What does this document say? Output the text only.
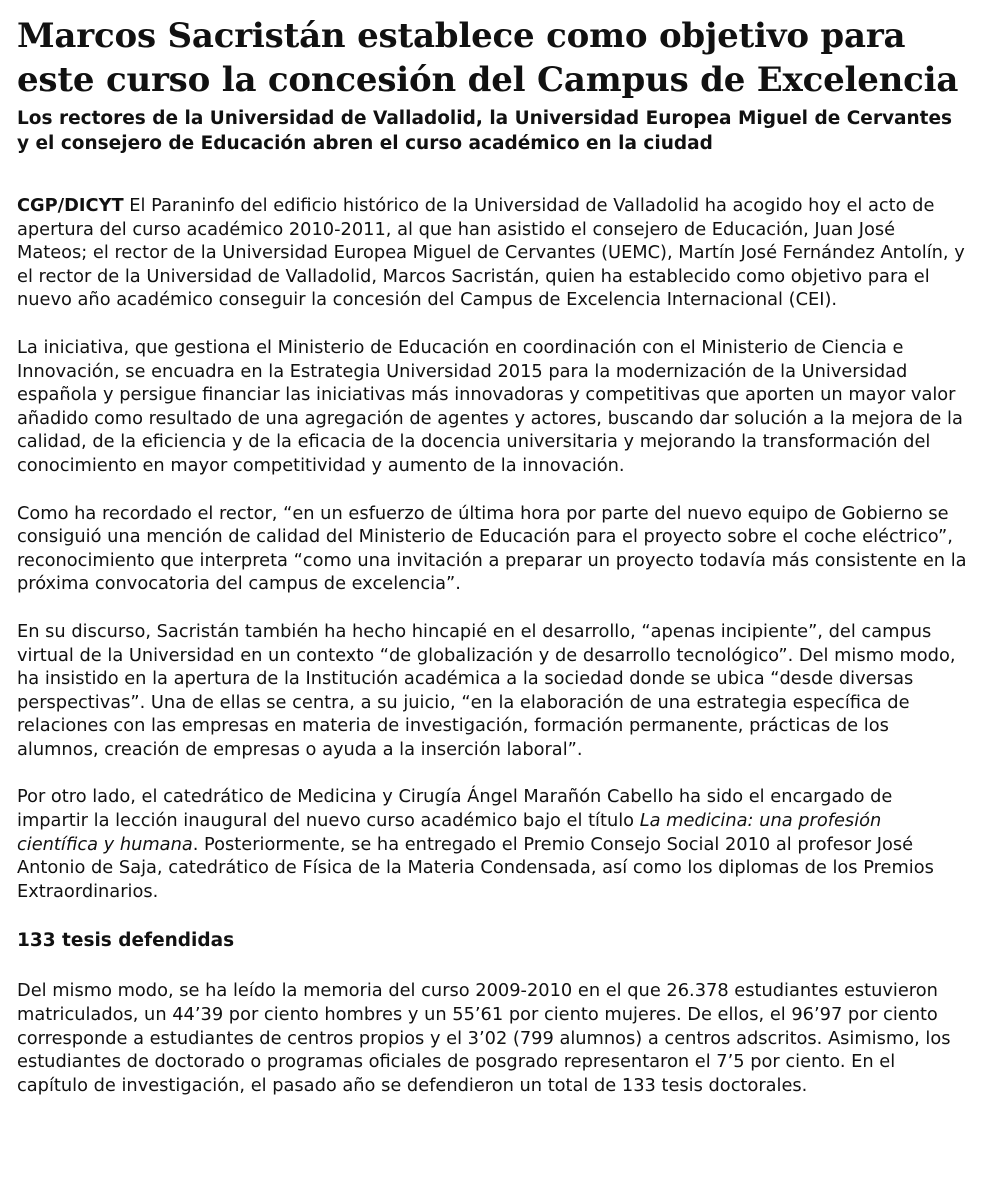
Marcos Sacristán establece como objetivo para este curso la concesión del Campus de Excelencia
Los rectores de la Universidad de Valladolid, la Universidad Europea Miguel de Cervantes y el consejero de Educación abren el curso académico en la ciudad

CGP/DICYT El Paraninfo del edificio histórico de la Universidad de Valladolid ha acogido hoy el acto de apertura del curso académico 2010-2011, al que han asistido el consejero de Educación, Juan José Mateos; el rector de la Universidad Europea Miguel de Cervantes (UEMC), Martín José Fernández Antolín, y el rector de la Universidad de Valladolid, Marcos Sacristán, quien ha establecido como objetivo para el nuevo año académico conseguir la concesión del Campus de Excelencia Internacional (CEI).

La iniciativa, que gestiona el Ministerio de Educación en coordinación con el Ministerio de Ciencia e Innovación, se encuadra en la Estrategia Universidad 2015 para la modernización de la Universidad española y persigue financiar las iniciativas más innovadoras y competitivas que aporten un mayor valor añadido como resultado de una agregación de agentes y actores, buscando dar solución a la mejora de la calidad, de la eficiencia y de la eficacia de la docencia universitaria y mejorando la transformación del conocimiento en mayor competitividad y aumento de la innovación.

Como ha recordado el rector, “en un esfuerzo de última hora por parte del nuevo equipo de Gobierno se consiguió una mención de calidad del Ministerio de Educación para el proyecto sobre el coche eléctrico”, reconocimiento que interpreta “como una invitación a preparar un proyecto todavía más consistente en la próxima convocatoria del campus de excelencia”.

En su discurso, Sacristán también ha hecho hincapié en el desarrollo, “apenas incipiente”, del campus virtual de la Universidad en un contexto “de globalización y de desarrollo tecnológico”. Del mismo modo, ha insistido en la apertura de la Institución académica a la sociedad donde se ubica “desde diversas perspectivas”. Una de ellas se centra, a su juicio, “en la elaboración de una estrategia específica de relaciones con las empresas en materia de investigación, formación permanente, prácticas de los alumnos, creación de empresas o ayuda a la inserción laboral”.

Por otro lado, el catedrático de Medicina y Cirugía Ángel Marañón Cabello ha sido el encargado de impartir la lección inaugural del nuevo curso académico bajo el título La medicina: una profesión científica y humana. Posteriormente, se ha entregado el Premio Consejo Social 2010 al profesor José Antonio de Saja, catedrático de Física de la Materia Condensada, así como los diplomas de los Premios Extraordinarios.

133 tesis defendidas

Del mismo modo, se ha leído la memoria del curso 2009-2010 en el que 26.378 estudiantes estuvieron matriculados, un 44’39 por ciento hombres y un 55’61 por ciento mujeres. De ellos, el 96’97 por ciento corresponde a estudiantes de centros propios y el 3’02 (799 alumnos) a centros adscritos. Asimismo, los estudiantes de doctorado o programas oficiales de posgrado representaron el 7’5 por ciento. En el capítulo de investigación, el pasado año se defendieron un total de 133 tesis doctorales.
